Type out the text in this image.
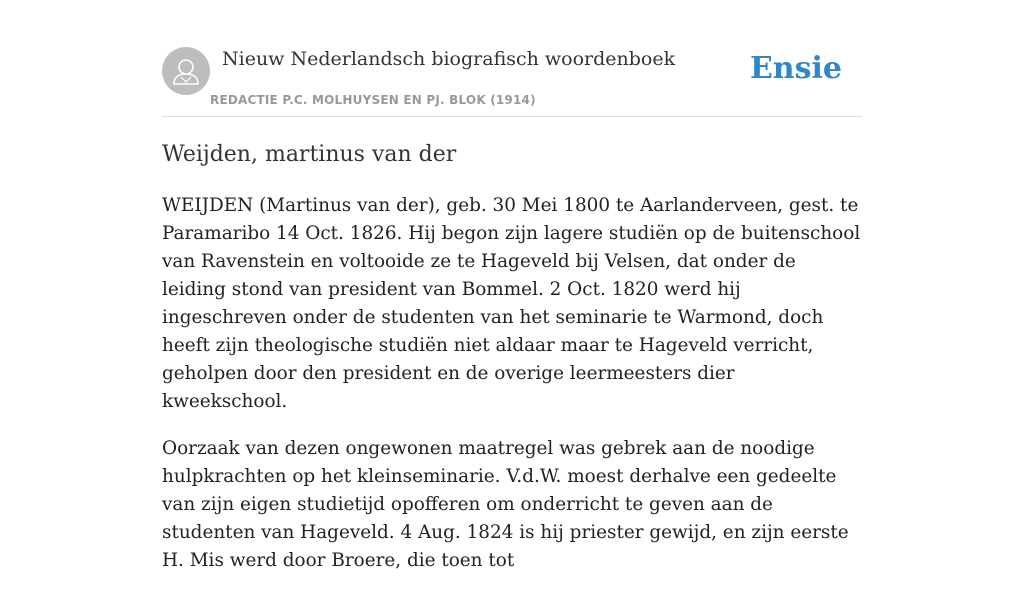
Nieuw Nederlandsch biografisch woordenboek
REDACTIE P.C. MOLHUYSEN EN PJ. BLOK (1914)
Ensie
Weijden, martinus van der

WEIJDEN (Martinus van der), geb. 30 Mei 1800 te Aarlanderveen, gest. te Paramaribo 14 Oct. 1826. Hij begon zijn lagere studiën op de buitenschool van Ravenstein en voltooide ze te Hageveld bij Velsen, dat onder de leiding stond van president van Bommel. 2 Oct. 1820 werd hij ingeschreven onder de studenten van het seminarie te Warmond, doch heeft zijn theologische studiën niet aldaar maar te Hageveld verricht, geholpen door den president en de overige leermeesters dier kweekschool.

Oorzaak van dezen ongewonen maatregel was gebrek aan de noodige hulpkrachten op het kleinseminarie. V.d.W. moest derhalve een gedeelte van zijn eigen studietijd opofferen om onderricht te geven aan de studenten van Hageveld. 4 Aug. 1824 is hij priester gewijd, en zijn eerste H. Mis werd door Broere, die toen tot
